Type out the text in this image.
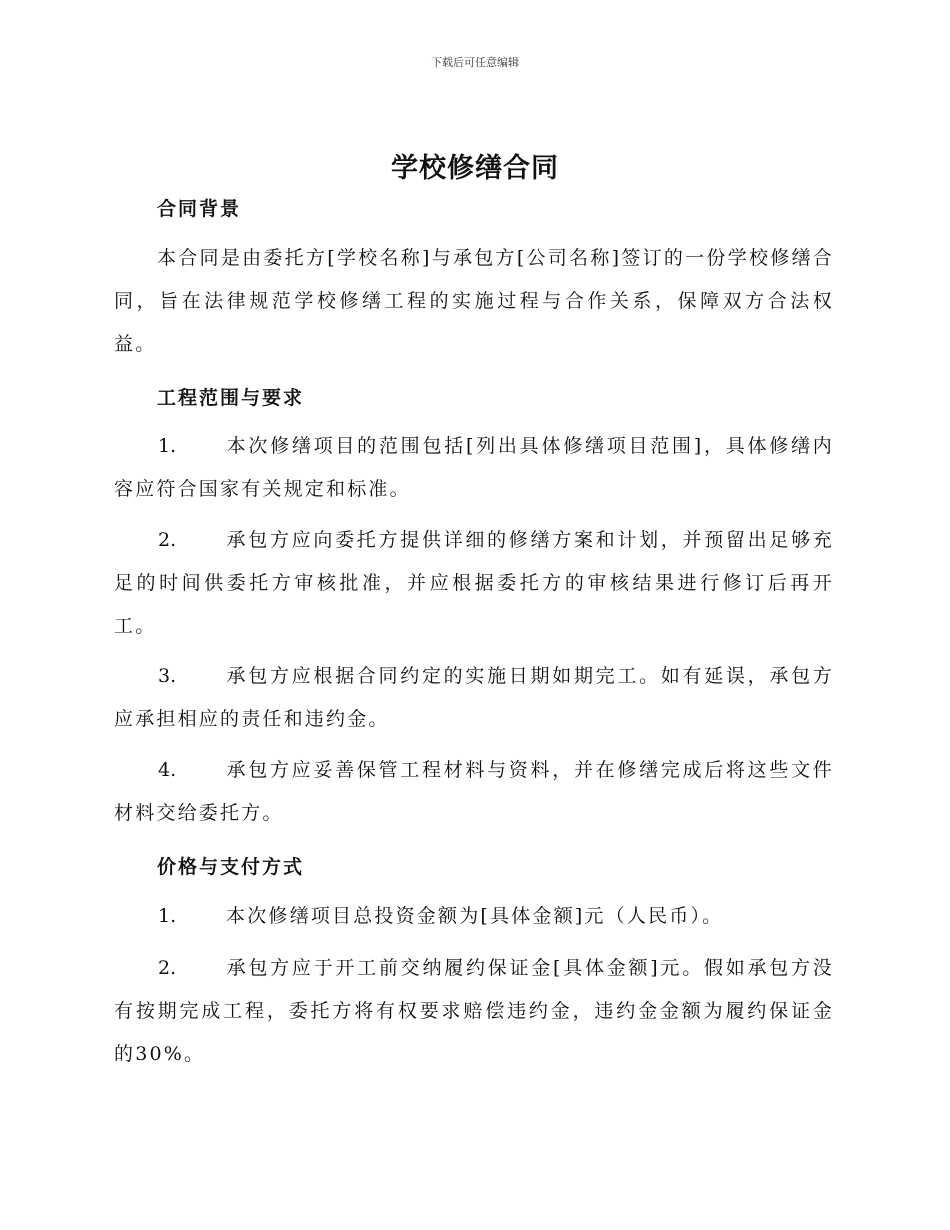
下载后可任意编辑
学校修缮合同
合同背景

本合同是由委托方[学校名称]与承包方[公司名称]签订的一份学校修缮合同，旨在法律规范学校修缮工程的实施过程与合作关系，保障双方合法权益。

工程范围与要求

1.	本次修缮项目的范围包括[列出具体修缮项目范围]，具体修缮内容应符合国家有关规定和标准。

2.	承包方应向委托方提供详细的修缮方案和计划，并预留出足够充足的时间供委托方审核批准，并应根据委托方的审核结果进行修订后再开工。

3.	承包方应根据合同约定的实施日期如期完工。如有延误，承包方应承担相应的责任和违约金。

4.	承包方应妥善保管工程材料与资料，并在修缮完成后将这些文件材料交给委托方。

价格与支付方式

1.	本次修缮项目总投资金额为[具体金额]元（人民币）。

2.	承包方应于开工前交纳履约保证金[具体金额]元。假如承包方没有按期完成工程，委托方将有权要求赔偿违约金，违约金金额为履约保证金的30%。
